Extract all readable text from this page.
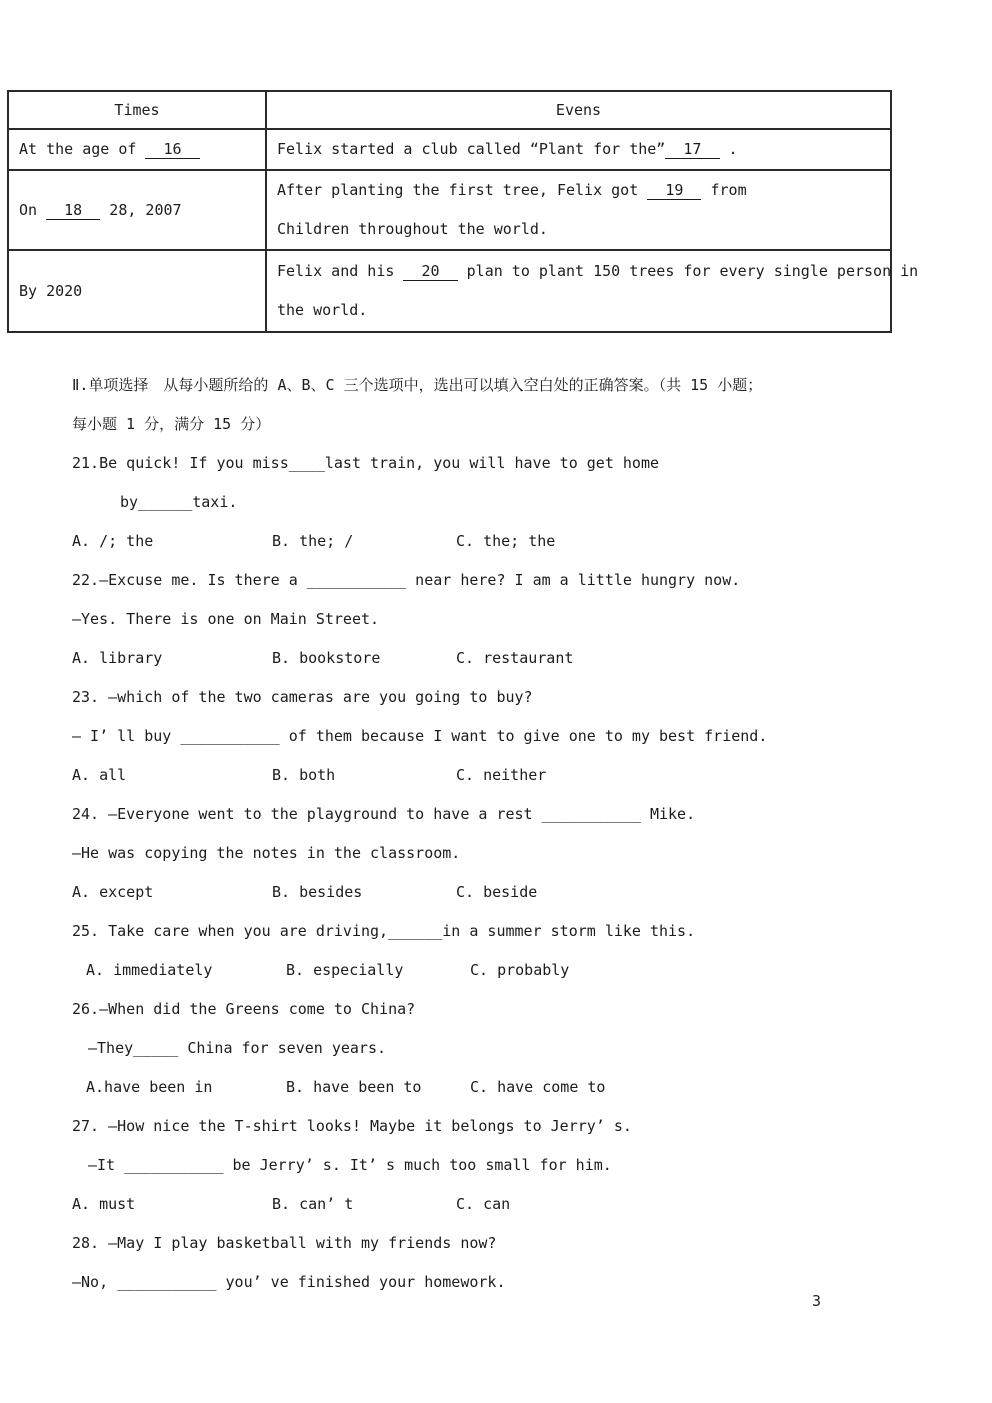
Times	Evens

At the age of   16	Felix started a club called “Plant for the”  17   .

On   18   28, 2007	After planting the first tree, Felix got   19   from
Children throughout the world.

By 2020	Felix and his   20   plan to plant 150 trees for every single person in
the world.
Ⅱ.单项选择　从每小题所给的 A、B、C 三个选项中，选出可以填入空白处的正确答案。（共 15 小题；
每小题 1 分，满分 15 分）
21.Be quick! If you miss____last train, you will have to get home
by______taxi.
A. /; the	B. the; /	C. the; the
22.—Excuse me. Is there a ___________ near here? I am a little hungry now.
—Yes. There is one on Main Street.
A. library	B. bookstore	C. restaurant
23. —which of the two cameras are you going to buy?
— I’ ll buy ___________ of them because I want to give one to my best friend.
A. all	B. both	C. neither
24. —Everyone went to the playground to have a rest ___________ Mike.
—He was copying the notes in the classroom.
A. except	B. besides	C. beside
25. Take care when you are driving,______in a summer storm like this.
A. immediately	B. especially	C. probably
26.—When did the Greens come to China?
—They_____ China for seven years.
A.have been in	B. have been to	C. have come to
27. —How nice the T-shirt looks! Maybe it belongs to Jerry’ s.
—It ___________ be Jerry’ s. It’ s much too small for him.
A. must	B. can’ t	C. can
28. —May I play basketball with my friends now?
—No, ___________ you’ ve finished your homework.
3
